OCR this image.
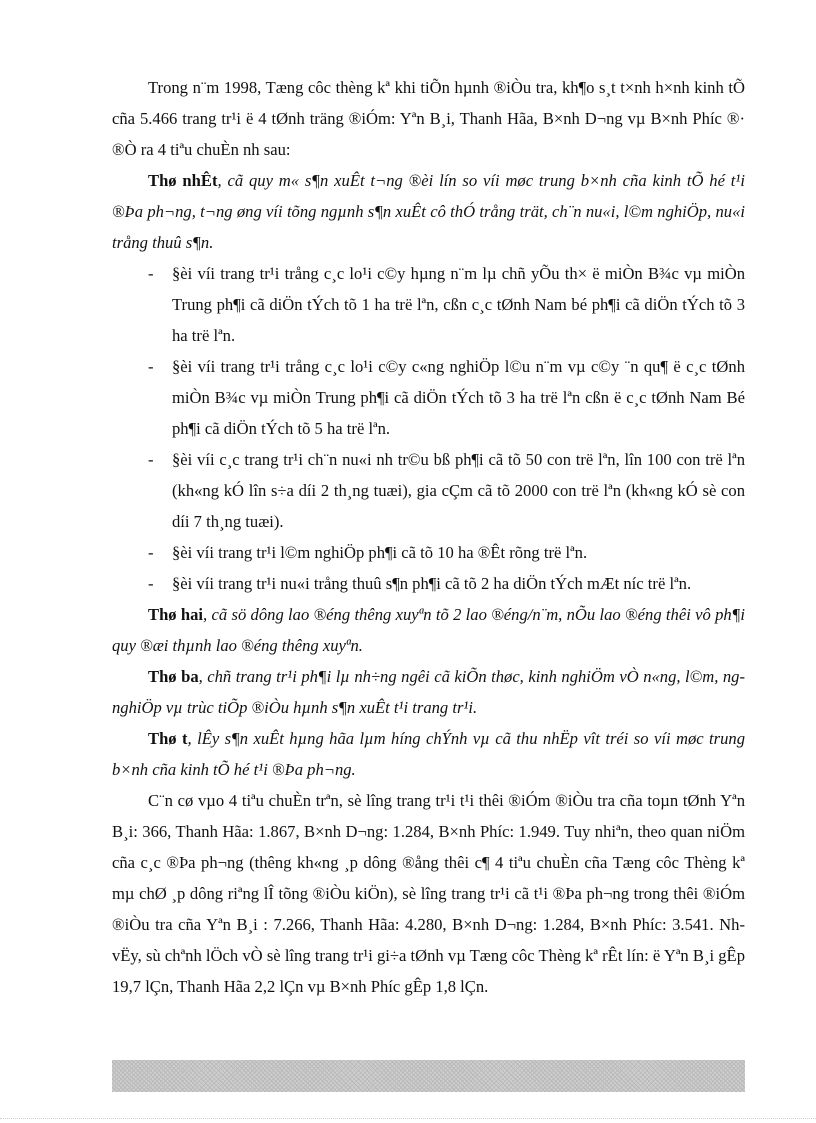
Trong n¨m 1998, Tæng côc thèng kª khi tiÕn hµnh ®iÒu tra, kh¶o s¸t t×nh h×nh kinh tÕ cña 5.466 trang tr¹i ë 4 tØnh träng ®iÓm: Yªn B¸i, Thanh Hãa, B×nh D¬ng vµ B×nh Phíc ®· ®Ò ra 4 tiªu chuÈn nh sau:

Thø nhÊt, cã quy m« s¶n xuÊt t¬ng ®èi lín so víi møc trung b×nh cña kinh tÕ hé t¹i ®Þa ph¬ng, t¬ng øng víi tõng ngµnh s¶n xuÊt cô thÓ trång trät, ch¨n nu«i, l©m nghiÖp, nu«i trång thuû s¶n.

-	§èi víi trang tr¹i trång c¸c lo¹i c©y hµng n¨m lµ chñ yÕu th× ë miÒn B¾c vµ miÒn Trung ph¶i cã diÖn tÝch tõ 1 ha trë lªn, cßn c¸c tØnh Nam bé ph¶i cã diÖn tÝch tõ 3 ha trë lªn.
-	§èi víi trang tr¹i trång c¸c lo¹i c©y c«ng nghiÖp l©u n¨m vµ c©y ¨n qu¶ ë c¸c tØnh miÒn B¾c vµ miÒn Trung ph¶i cã diÖn tÝch tõ 3 ha trë lªn cßn ë c¸c tØnh Nam Bé ph¶i cã diÖn tÝch tõ 5 ha trë lªn.
-	§èi víi c¸c trang tr¹i ch¨n nu«i nh tr©u bß ph¶i cã tõ 50 con trë lªn, lîn 100 con trë lªn (kh«ng kÓ lîn s÷a díi 2 th¸ng tuæi), gia cÇm cã tõ 2000 con trë lªn (kh«ng kÓ sè con díi 7 th¸ng tuæi).
-	§èi víi trang tr¹i l©m nghiÖp ph¶i cã tõ 10 ha ®Êt rõng trë lªn.
-	§èi víi trang tr¹i nu«i trång thuû s¶n ph¶i cã tõ 2 ha diÖn tÝch mÆt níc trë lªn.

Thø hai, cã sö dông lao ®éng thêng xuyªn tõ 2 lao ®éng/n¨m, nÕu lao ®éng thêi vô ph¶i quy ®æi thµnh lao ®éng thêng xuyªn.

Thø ba, chñ trang tr¹i ph¶i lµ nh÷ng ngêi cã kiÕn thøc, kinh nghiÖm vÒ n«ng, l©m, ng nghiÖp vµ trùc tiÕp ®iÒu hµnh s¶n xuÊt t¹i trang tr¹i.

Thø t, lÊy s¶n xuÊt hµng hãa lµm híng chÝnh vµ cã thu nhËp vît tréi so víi møc trung b×nh cña kinh tÕ hé t¹i ®Þa ph¬ng.

C¨n cø vµo 4 tiªu chuÈn trªn, sè lîng trang tr¹i t¹i thêi ®iÓm ®iÒu tra cña toµn tØnh Yªn B¸i: 366, Thanh Hãa: 1.867, B×nh D¬ng: 1.284, B×nh Phíc: 1.949. Tuy nhiªn, theo quan niÖm cña c¸c ®Þa ph¬ng (thêng kh«ng ¸p dông ®ång thêi c¶ 4 tiªu chuÈn cña Tæng côc Thèng kª mµ chØ ¸p dông riªng lÎ tõng ®iÒu kiÖn), sè lîng trang tr¹i cã t¹i ®Þa ph¬ng trong thêi ®iÓm ®iÒu tra cña Yªn B¸i : 7.266, Thanh Hãa: 4.280, B×nh D¬ng: 1.284, B×nh Phíc: 3.541. Nh vËy, sù chªnh lÖch vÒ sè lîng trang tr¹i gi÷a tØnh vµ Tæng côc Thèng kª rÊt lín: ë Yªn B¸i gÊp 19,7 lÇn, Thanh Hãa 2,2 lÇn vµ B×nh Phíc gÊp 1,8 lÇn.
